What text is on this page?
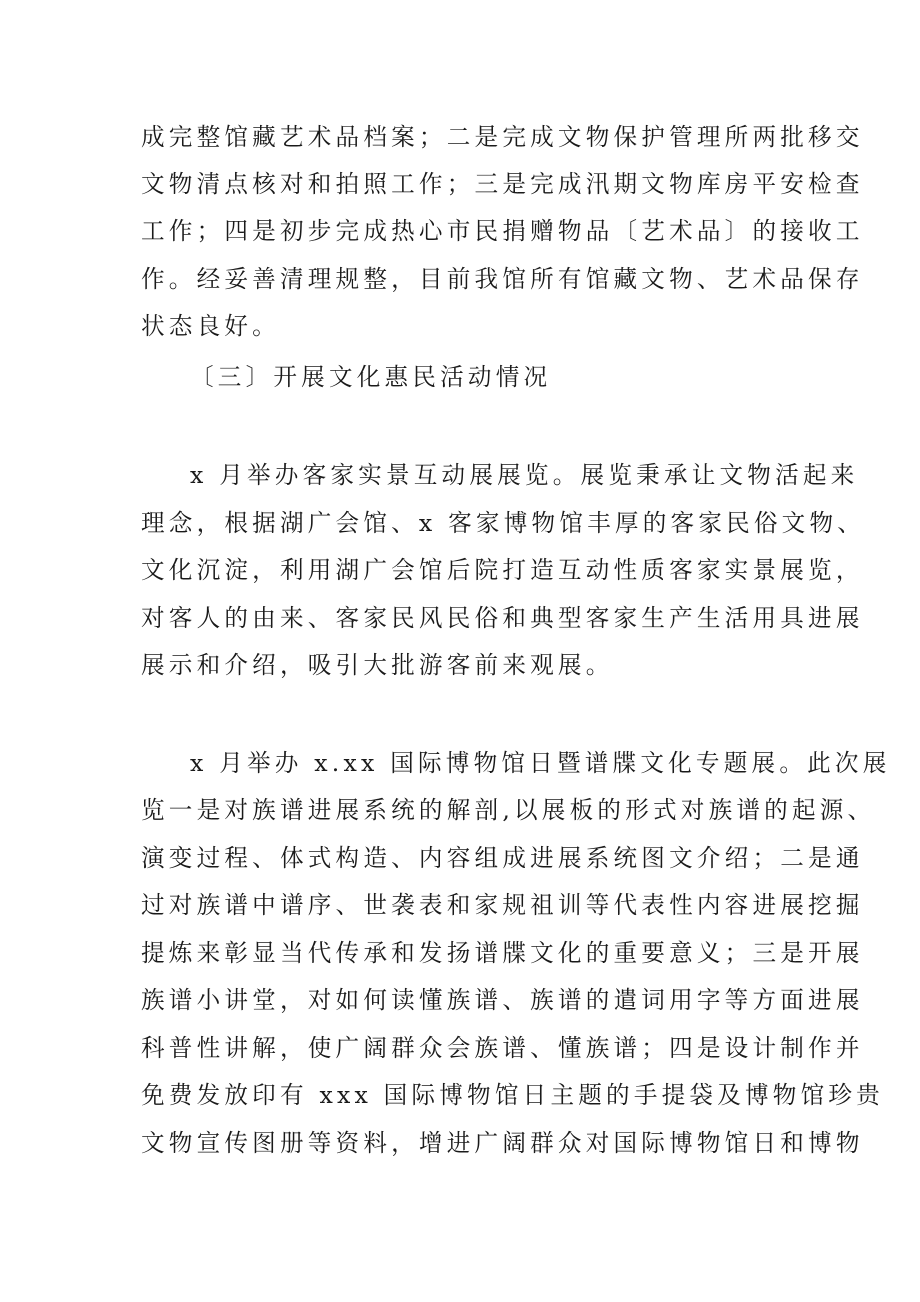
成完整馆藏艺术品档案；二是完成文物保护管理所两批移交

文物清点核对和拍照工作；三是完成汛期文物库房平安检查

工作；四是初步完成热心市民捐赠物品〔艺术品〕的接收工

作。经妥善清理规整，目前我馆所有馆藏文物、艺术品保存

状态良好。

〔三〕开展文化惠民活动情况

x 月举办客家实景互动展展览。展览秉承让文物活起来

理念，根据湖广会馆、x 客家博物馆丰厚的客家民俗文物、

文化沉淀，利用湖广会馆后院打造互动性质客家实景展览，

对客人的由来、客家民风民俗和典型客家生产生活用具进展

展示和介绍，吸引大批游客前来观展。

x 月举办 x.xx 国际博物馆日暨谱牒文化专题展。此次展

览一是对族谱进展系统的解剖,以展板的形式对族谱的起源、

演变过程、体式构造、内容组成进展系统图文介绍；二是通

过对族谱中谱序、世袭表和家规祖训等代表性内容进展挖掘

提炼来彰显当代传承和发扬谱牒文化的重要意义；三是开展

族谱小讲堂，对如何读懂族谱、族谱的遣词用字等方面进展

科普性讲解，使广阔群众会族谱、懂族谱；四是设计制作并

免费发放印有 xxx 国际博物馆日主题的手提袋及博物馆珍贵

文物宣传图册等资料，增进广阔群众对国际博物馆日和博物
